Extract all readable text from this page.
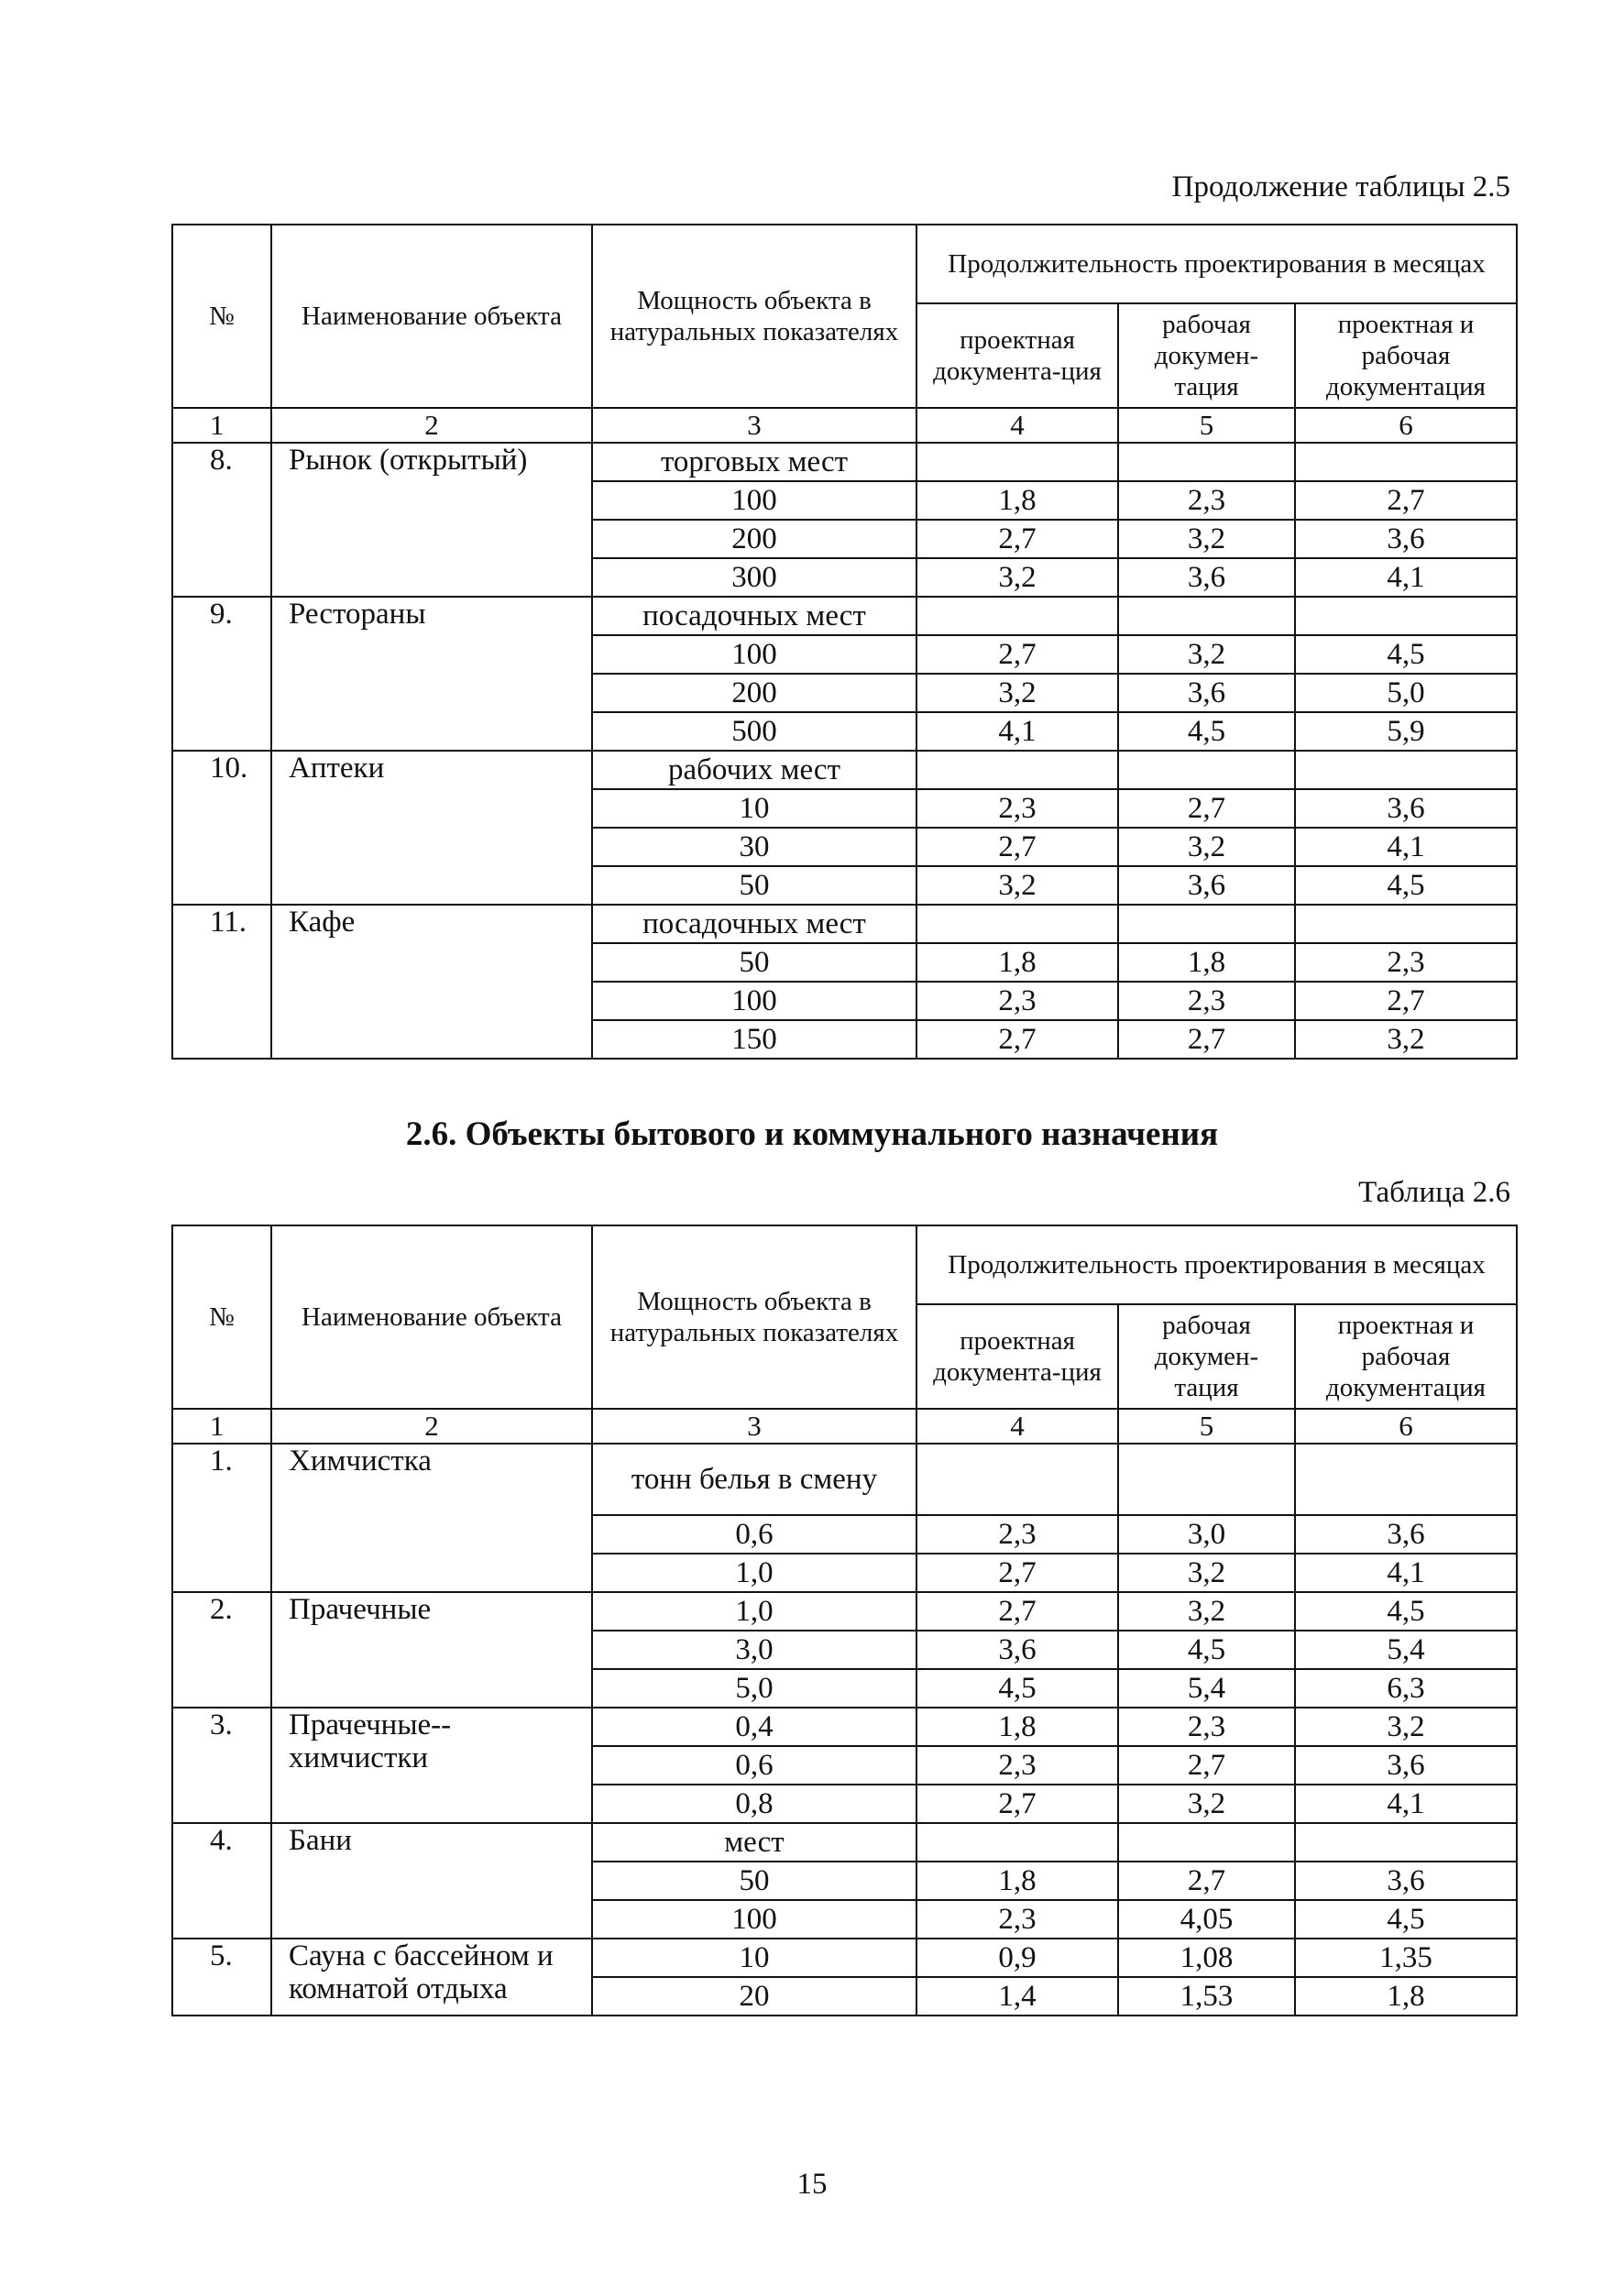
Продолжение таблицы 2.5
№	Наименование объекта	Мощность объекта в натуральных показателях	Продолжительность проектирования в месяцах		
			проектная документа-ция	рабочая докумен-тация	проектная и рабочая документация
1	2	3	4	5	6
8.	Рынок (открытый)	торговых мест			
		100	1,8	2,3	2,7
		200	2,7	3,2	3,6
		300	3,2	3,6	4,1
9.	Рестораны	посадочных мест			
		100	2,7	3,2	4,5
		200	3,2	3,6	5,0
		500	4,1	4,5	5,9
10.	Аптеки	рабочих мест			
		10	2,3	2,7	3,6
		30	2,7	3,2	4,1
		50	3,2	3,6	4,5
11.	Кафе	посадочных мест			
		50	1,8	1,8	2,3
		100	2,3	2,3	2,7
		150	2,7	2,7	3,2
2.6. Объекты бытового и коммунального назначения
Таблица 2.6
№	Наименование объекта	Мощность объекта в натуральных показателях	Продолжительность проектирования в месяцах		
			проектная документа-ция	рабочая докумен-тация	проектная и рабочая документация
1	2	3	4	5	6
1.	Химчистка	тонн белья в смену			
		0,6	2,3	3,0	3,6
		1,0	2,7	3,2	4,1
2.	Прачечные	1,0	2,7	3,2	4,5
		3,0	3,6	4,5	5,4
		5,0	4,5	5,4	6,3
3.	Прачечные--химчистки	0,4	1,8	2,3	3,2
		0,6	2,3	2,7	3,6
		0,8	2,7	3,2	4,1
4.	Бани	мест			
		50	1,8	2,7	3,6
		100	2,3	4,05	4,5
5.	Сауна с бассейном и комнатой отдыха	10	0,9	1,08	1,35
		20	1,4	1,53	1,8
15
